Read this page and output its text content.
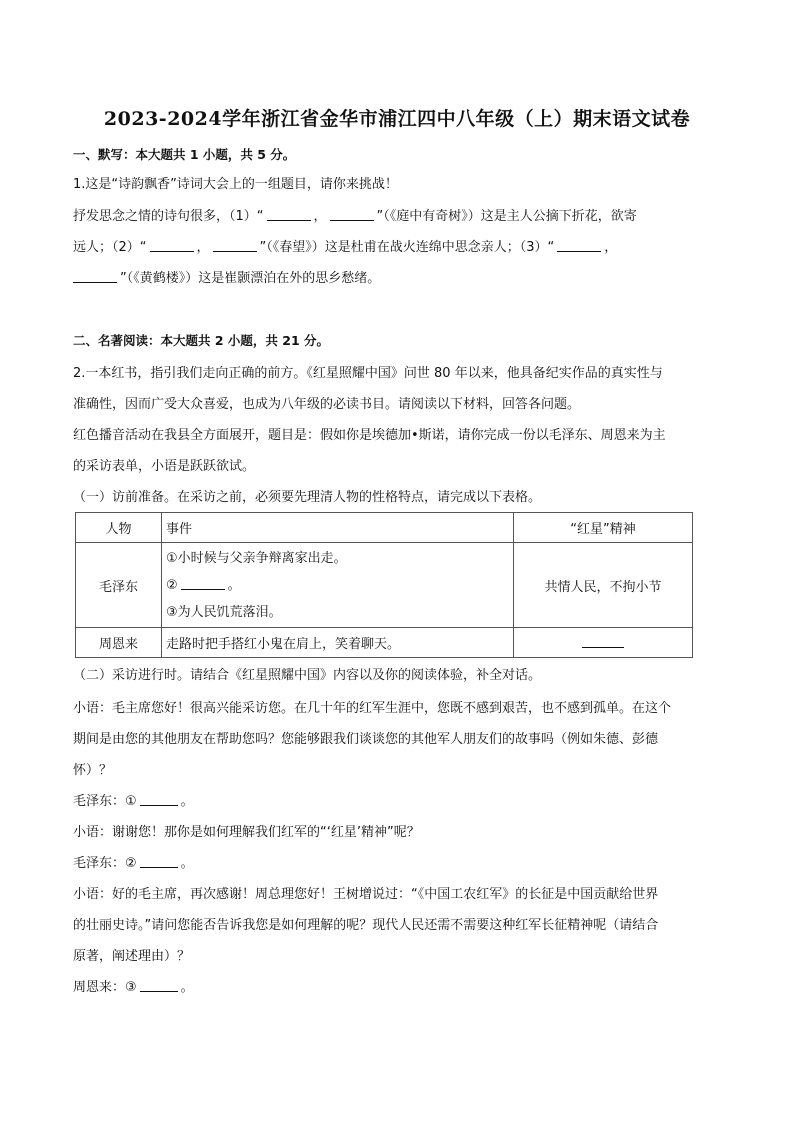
2023-2024学年浙江省金华市浦江四中八年级（上）期末语文试卷
一、默写：本大题共 1 小题，共 5 分。
1.这是“诗韵飘香”诗词大会上的一组题目，请你来挑战！
抒发思念之情的诗句很多，（1）“	，	”（《庭中有奇树》）这是主人公摘下折花，欲寄
远人；（2）“	，	”（《春望》）这是杜甫在战火连绵中思念亲人；（3）“	，
”（《黄鹤楼》）这是崔颢漂泊在外的思乡愁绪。
二、名著阅读：本大题共 2 小题，共 21 分。
2.一本红书，指引我们走向正确的前方。《红星照耀中国》问世 80 年以来，他具备纪实作品的真实性与
准确性，因而广受大众喜爱，也成为八年级的必读书目。请阅读以下材料，回答各问题。
红色播音活动在我县全方面展开，题目是：假如你是埃德加•斯诺，请你完成一份以毛泽东、周恩来为主
的采访表单，小语是跃跃欲试。
（一）访前准备。在采访之前，必须要先理清人物的性格特点，请完成以下表格。
人物	事件	“红星”精神
毛泽东	①小时候与父亲争辩离家出走。
② 。
③为人民饥荒落泪。	共情人民，不拘小节
周恩来	走路时把手搭红小鬼在肩上，笑着聊天。	
（二）采访进行时。请结合《红星照耀中国》内容以及你的阅读体验，补全对话。
小语：毛主席您好！很高兴能采访您。在几十年的红军生涯中，您既不感到艰苦，也不感到孤单。在这个
期间是由您的其他朋友在帮助您吗？您能够跟我们谈谈您的其他军人朋友们的故事吗（例如朱德、彭德
怀）？
毛泽东：①	。
小语：谢谢您！那你是如何理解我们红军的“‘红星’精神”呢？
毛泽东：②	。
小语：好的毛主席，再次感谢！周总理您好！王树增说过：“《中国工农红军》的长征是中国贡献给世界
的壮丽史诗。”请问您能否告诉我您是如何理解的呢？现代人民还需不需要这种红军长征精神呢（请结合
原著，阐述理由）？
周恩来：③	。
